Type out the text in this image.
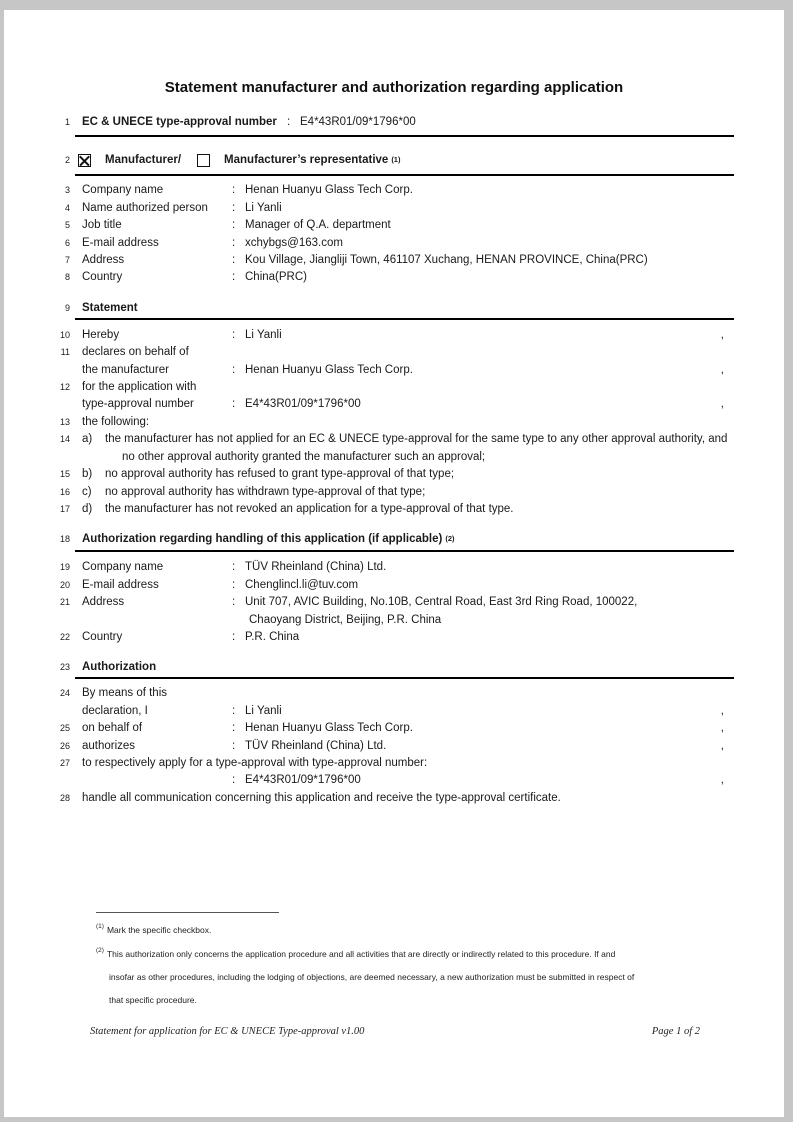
Statement manufacturer and authorization regarding application
1 EC & UNECE type-approval number : E4*43R01/09*1796*00
2	Manufacturer/	Manufacturer’s representative $^{(1)}$
3 Company name	: Henan Huanyu Glass Tech Corp.
4 Name authorized person	: Li Yanli
5 Job title	: Manager of Q.A. department
6 E-mail address	: xchybgs@163.com
7 Address	: Kou Village, Jiangliji Town, 461107 Xuchang, HENAN PROVINCE, China(PRC)
8 Country	: China(PRC)
9 Statement
10 Hereby	: Li Yanli	,
11 declares on behalf of
the manufacturer	: Henan Huanyu Glass Tech Corp.	,
12 for the application with
type-approval number	: E4*43R01/09*1796*00	,
13 the following:
14 a)	the manufacturer has not applied for an EC & UNECE type-approval for the same type to any other approval authority, and no other approval authority granted the manufacturer such an approval;
15 b)	no approval authority has refused to grant type-approval of that type;
16 c)	no approval authority has withdrawn type-approval of that type;
17 d)	the manufacturer has not revoked an application for a type-approval of that type.
18 Authorization regarding handling of this application (if applicable) $^{(2)}$
19 Company name	: TÜV Rheinland (China) Ltd.
20 E-mail address	: Chenglincl.li@tuv.com
21 Address	: Unit 707, AVIC Building, No.10B, Central Road, East 3rd Ring Road, 100022,
Chaoyang District, Beijing, P.R. China
22 Country	: P.R. China
23 Authorization
24 By means of this
declaration, I	: Li Yanli	,
25 on behalf of	: Henan Huanyu Glass Tech Corp.	,
26 authorizes	: TÜV Rheinland (China) Ltd.	,
27 to respectively apply for a type-approval with type-approval number:
: E4*43R01/09*1796*00	,
28 handle all communication concerning this application and receive the type-approval certificate.
$^{(1)}$ Mark the specific checkbox.
$^{(2)}$ This authorization only concerns the application procedure and all activities that are directly or indirectly related to this procedure. If and
insofar as other procedures, including the lodging of objections, are deemed necessary, a new authorization must be submitted in respect of
that specific procedure.
Statement for application for EC & UNECE Type-approval v1.00	Page 1 of 2
